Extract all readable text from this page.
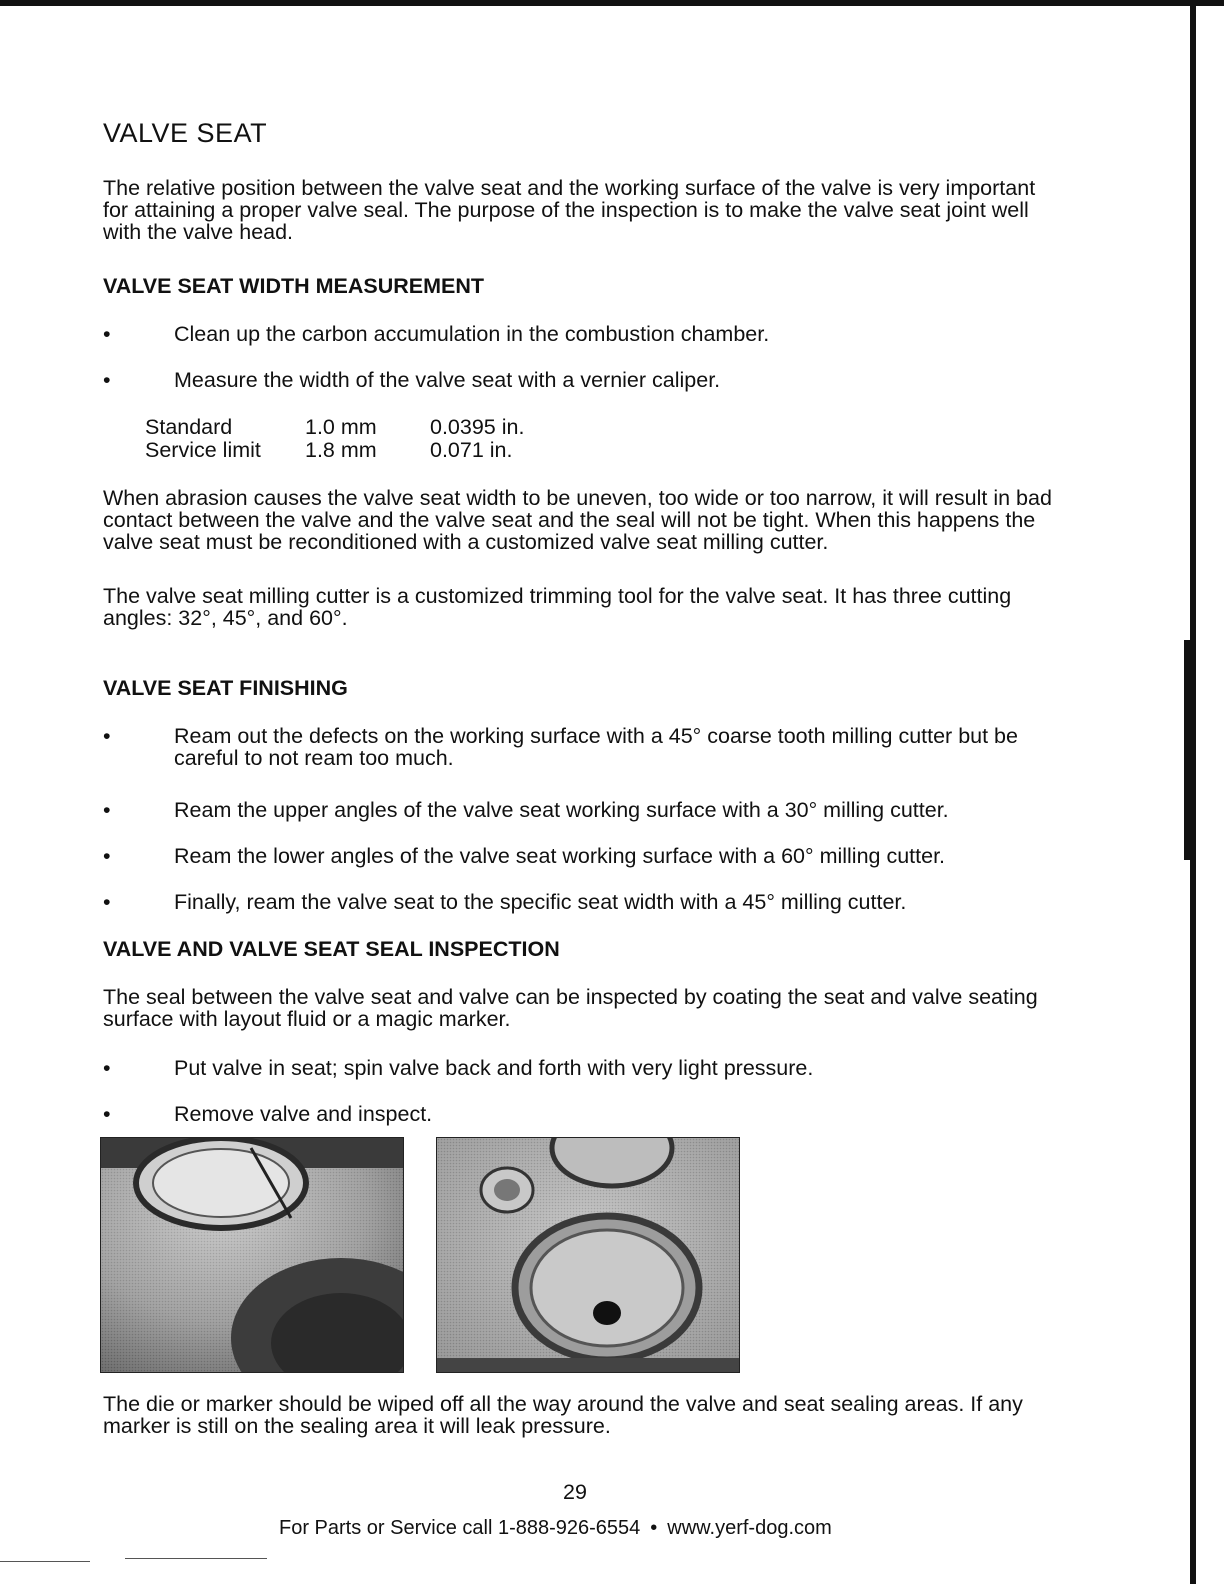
VALVE SEAT

The relative position between the valve seat and the working surface of the valve is very important for attaining a proper valve seal. The purpose of the inspection is to make the valve seat joint well with the valve head.

VALVE SEAT WIDTH MEASUREMENT
•	Clean up the carbon accumulation in the combustion chamber.
•	Measure the width of the valve seat with a vernier caliper.
Standard	1.0 mm	0.0395 in.
Service limit	1.8 mm	0.071 in.

When abrasion causes the valve seat width to be uneven, too wide or too narrow, it will result in bad contact between the valve and the valve seat and the seal will not be tight. When this happens the valve seat must be reconditioned with a customized valve seat milling cutter.

The valve seat milling cutter is a customized trimming tool for the valve seat. It has three cutting angles: 32°, 45°, and 60°.

VALVE SEAT FINISHING
•	Ream out the defects on the working surface with a 45° coarse tooth milling cutter but be careful to not ream too much.
•	Ream the upper angles of the valve seat working surface with a 30° milling cutter.
•	Ream the lower angles of the valve seat working surface with a 60° milling cutter.
•	Finally, ream the valve seat to the specific seat width with a 45° milling cutter.
VALVE AND VALVE SEAT SEAL INSPECTION

The seal between the valve seat and valve can be inspected by coating the seat and valve seating surface with layout fluid or a magic marker.

•	Put valve in seat; spin valve back and forth with very light pressure.
•	Remove valve and inspect.

The die or marker should be wiped off all the way around the valve and seat sealing areas. If any marker is still on the sealing area it will leak pressure.

29
For Parts or Service call 1-888-926-6554 • www.yerf-dog.com
